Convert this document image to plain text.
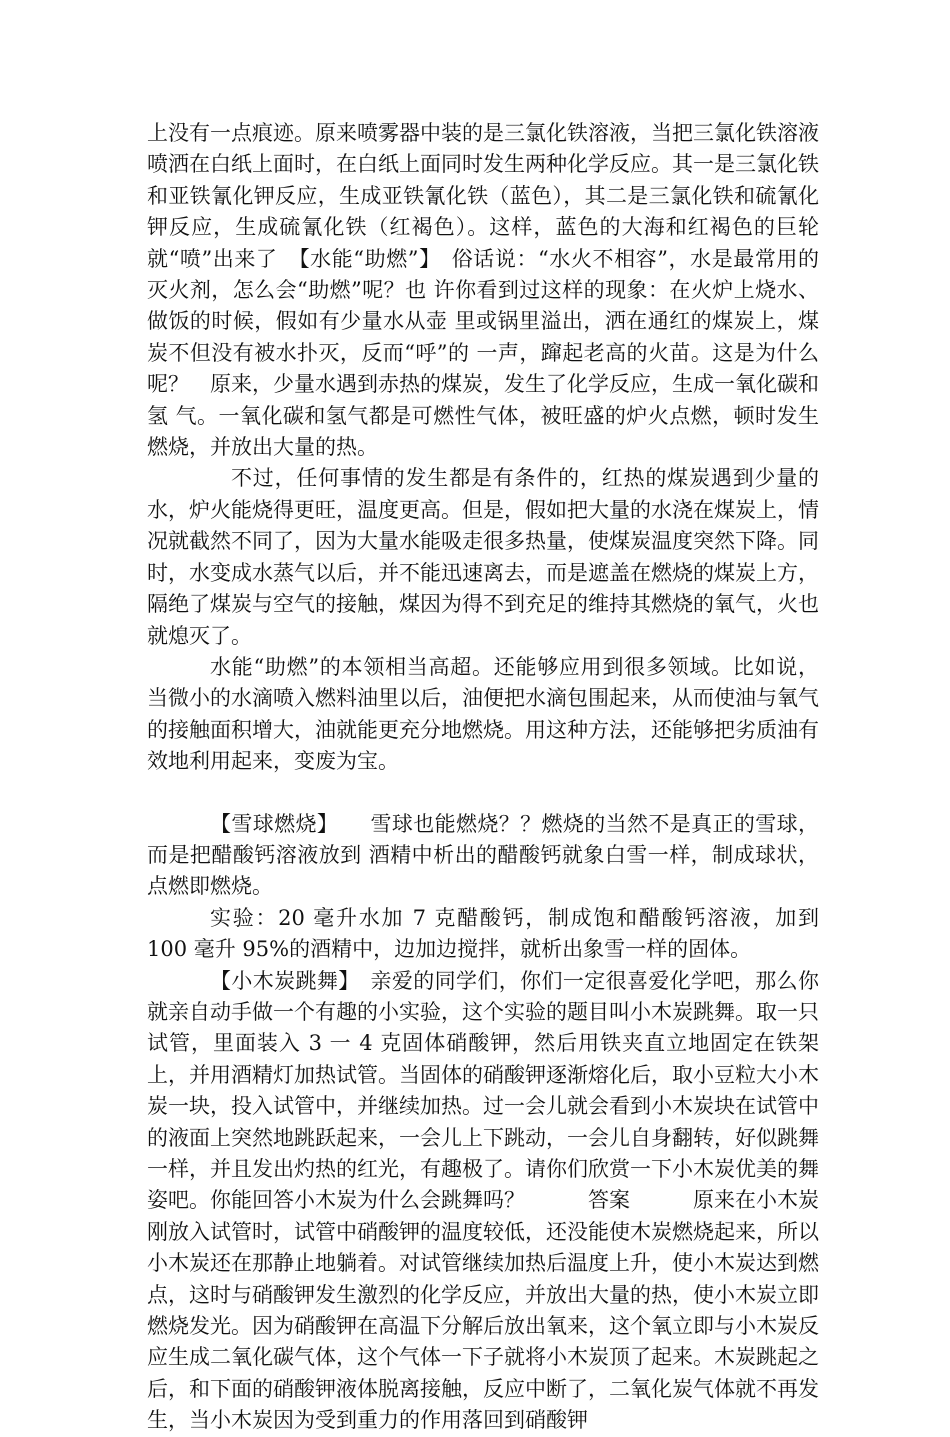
上没有一点痕迹。原来喷雾器中装的是三氯化铁溶液，当把三氯化铁溶液喷洒在白纸上面时，在白纸上面同时发生两种化学反应。其一是三氯化铁和亚铁氰化钾反应，生成亚铁氰化铁（蓝色），其二是三氯化铁和硫氰化钾反应，生成硫氰化铁（红褐色）。这样，蓝色的大海和红褐色的巨轮就“喷”出来了　【水能“助燃”】　俗话说：“水火不相容”，水是最常用的灭火剂，怎么会“助燃”呢？也 许你看到过这样的现象：在火炉上烧水、做饭的时候，假如有少量水从壶 里或锅里溢出，洒在通红的煤炭上，煤炭不但没有被水扑灭，反而“呼”的 一声，蹿起老高的火苗。这是为什么呢？　原来，少量水遇到赤热的煤炭，发生了化学反应，生成一氧化碳和氢 气。一氧化碳和氢气都是可燃性气体，被旺盛的炉火点燃，顿时发生燃烧，并放出大量的热。

不过，任何事情的发生都是有条件的，红热的煤炭遇到少量的水，炉火能烧得更旺，温度更高。但是，假如把大量的水浇在煤炭上，情况就截然不同了，因为大量水能吸走很多热量，使煤炭温度突然下降。同时，水变成水蒸气以后，并不能迅速离去，而是遮盖在燃烧的煤炭上方，隔绝了煤炭与空气的接触，煤因为得不到充足的维持其燃烧的氧气，火也就熄灭了。

水能“助燃”的本领相当高超。还能够应用到很多领域。比如说，当微小的水滴喷入燃料油里以后，油便把水滴包围起来，从而使油与氧气的接触面积增大，油就能更充分地燃烧。用这种方法，还能够把劣质油有效地利用起来，变废为宝。

【雪球燃烧】　　雪球也能燃烧？？燃烧的当然不是真正的雪球，而是把醋酸钙溶液放到 酒精中析出的醋酸钙就象白雪一样，制成球状，点燃即燃烧。

实验：20 毫升水加 7 克醋酸钙，制成饱和醋酸钙溶液，加到 100 毫升 95%的酒精中，边加边搅拌，就析出象雪一样的固体。

【小木炭跳舞】　亲爱的同学们，你们一定很喜爱化学吧，那么你就亲自动手做一个有趣的小实验，这个实验的题目叫小木炭跳舞。取一只试管，里面装入 3 一 4 克固体硝酸钾，然后用铁夹直立地固定在铁架上，并用酒精灯加热试管。当固体的硝酸钾逐渐熔化后，取小豆粒大小木炭一块，投入试管中，并继续加热。过一会儿就会看到小木炭块在试管中的液面上突然地跳跃起来，一会儿上下跳动，一会儿自身翻转，好似跳舞一样，并且发出灼热的红光，有趣极了。请你们欣赏一下小木炭优美的舞姿吧。你能回答小木炭为什么会跳舞吗？　　　答案　　　原来在小木炭刚放入试管时，试管中硝酸钾的温度较低，还没能使木炭燃烧起来，所以小木炭还在那静止地躺着。对试管继续加热后温度上升，使小木炭达到燃点，这时与硝酸钾发生激烈的化学反应，并放出大量的热，使小木炭立即燃烧发光。因为硝酸钾在高温下分解后放出氧来，这个氧立即与小木炭反应生成二氧化碳气体，这个气体一下子就将小木炭顶了起来。木炭跳起之后，和下面的硝酸钾液体脱离接触，反应中断了，二氧化炭气体就不再发生，当小木炭因为受到重力的作用落回到硝酸钾
